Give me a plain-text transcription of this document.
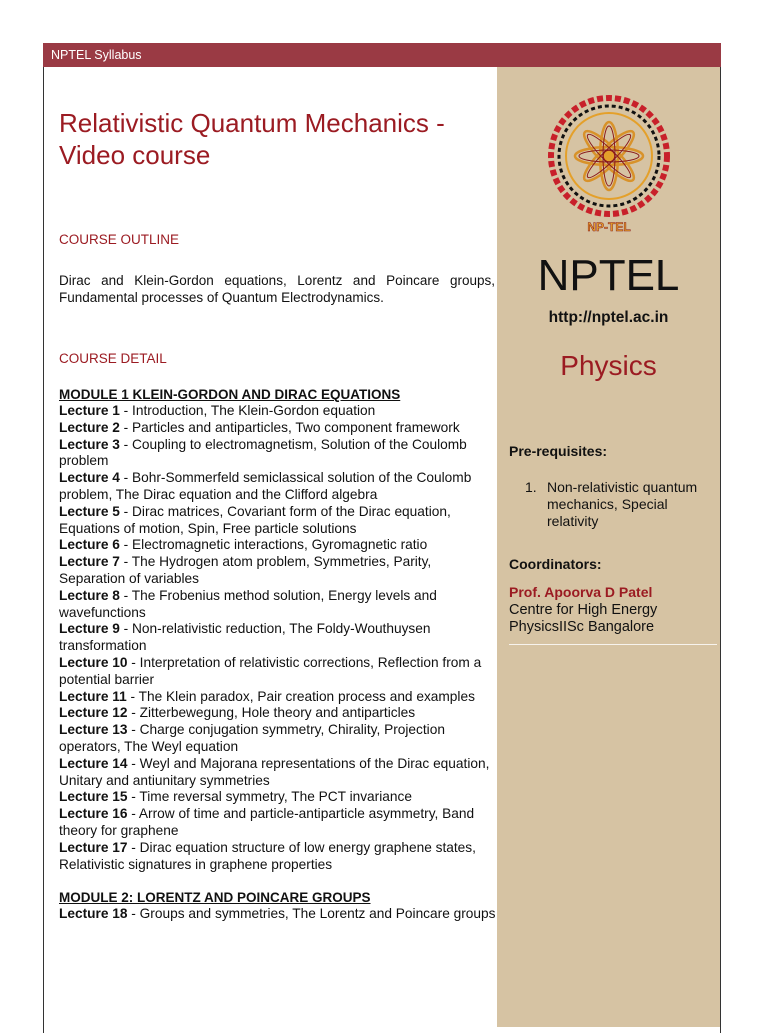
NPTEL Syllabus
Relativistic Quantum Mechanics - Video course
COURSE OUTLINE
Dirac and Klein-Gordon equations, Lorentz and Poincare groups, Fundamental processes of Quantum Electrodynamics.
COURSE DETAIL
MODULE 1 KLEIN-GORDON AND DIRAC EQUATIONS
Lecture 1 - Introduction, The Klein-Gordon equation
Lecture 2 - Particles and antiparticles, Two component framework
Lecture 3 - Coupling to electromagnetism, Solution of the Coulomb problem
Lecture 4 - Bohr-Sommerfeld semiclassical solution of the Coulomb problem, The Dirac equation and the Clifford algebra
Lecture 5 - Dirac matrices, Covariant form of the Dirac equation, Equations of motion, Spin, Free particle solutions
Lecture 6 - Electromagnetic interactions, Gyromagnetic ratio
Lecture 7 - The Hydrogen atom problem, Symmetries, Parity, Separation of variables
Lecture 8 - The Frobenius method solution, Energy levels and wavefunctions
Lecture 9 - Non-relativistic reduction, The Foldy-Wouthuysen transformation
Lecture 10 - Interpretation of relativistic corrections, Reflection from a potential barrier
Lecture 11 - The Klein paradox, Pair creation process and examples
Lecture 12 - Zitterbewegung, Hole theory and antiparticles
Lecture 13 - Charge conjugation symmetry, Chirality, Projection operators, The Weyl equation
Lecture 14 - Weyl and Majorana representations of the Dirac equation, Unitary and antiunitary symmetries
Lecture 15 - Time reversal symmetry, The PCT invariance
Lecture 16 - Arrow of time and particle-antiparticle asymmetry, Band theory for graphene
Lecture 17 - Dirac equation structure of low energy graphene states, Relativistic signatures in graphene properties
MODULE 2: LORENTZ AND POINCARE GROUPS
Lecture 18 - Groups and symmetries, The Lorentz and Poincare groups
NP-TEL
NPTEL
http://nptel.ac.in
Physics
Pre-requisites:
1. Non-relativistic quantum mechanics, Special relativity
Coordinators:
Prof. Apoorva D Patel
Centre for High Energy PhysicsIISc Bangalore
